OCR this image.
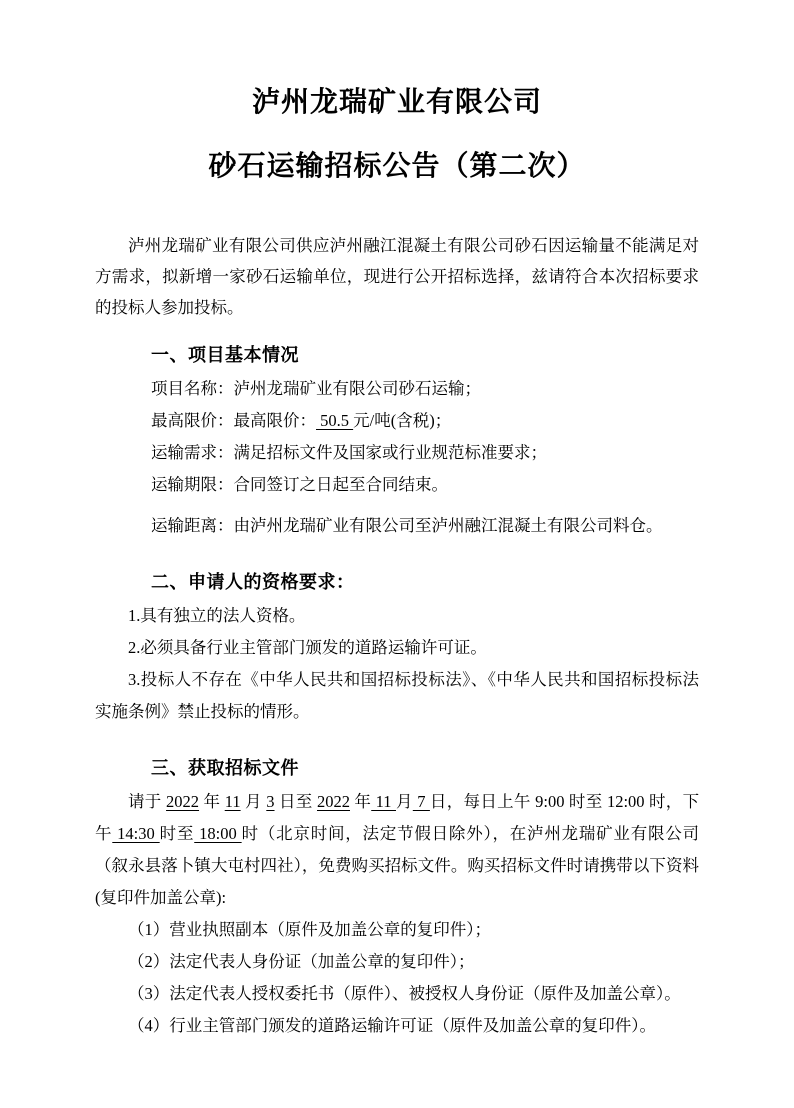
泸州龙瑞矿业有限公司
砂石运输招标公告（第二次）

泸州龙瑞矿业有限公司供应泸州融江混凝土有限公司砂石因运输量不能满足对方需求，拟新增一家砂石运输单位，现进行公开招标选择，兹请符合本次招标要求的投标人参加投标。

一、项目基本情况

项目名称：泸州龙瑞矿业有限公司砂石运输；

最高限价：最高限价： 50.5 元/吨(含税)；

运输需求：满足招标文件及国家或行业规范标准要求；

运输期限：合同签订之日起至合同结束。

运输距离：由泸州龙瑞矿业有限公司至泸州融江混凝土有限公司料仓。

二、申请人的资格要求：

1.具有独立的法人资格。

2.必须具备行业主管部门颁发的道路运输许可证。

3.投标人不存在《中华人民共和国招标投标法》、《中华人民共和国招标投标法实施条例》禁止投标的情形。

三、获取招标文件

请于 2022 年 11 月 3 日至 2022 年 11 月 7 日，每日上午 9:00 时至 12:00 时，下午 14:30 时至 18:00 时（北京时间，法定节假日除外），在泸州龙瑞矿业有限公司（叙永县落卜镇大屯村四社），免费购买招标文件。购买招标文件时请携带以下资料(复印件加盖公章):

（1）营业执照副本（原件及加盖公章的复印件）；

（2）法定代表人身份证（加盖公章的复印件）；

（3）法定代表人授权委托书（原件）、被授权人身份证（原件及加盖公章）。

（4）行业主管部门颁发的道路运输许可证（原件及加盖公章的复印件）。
